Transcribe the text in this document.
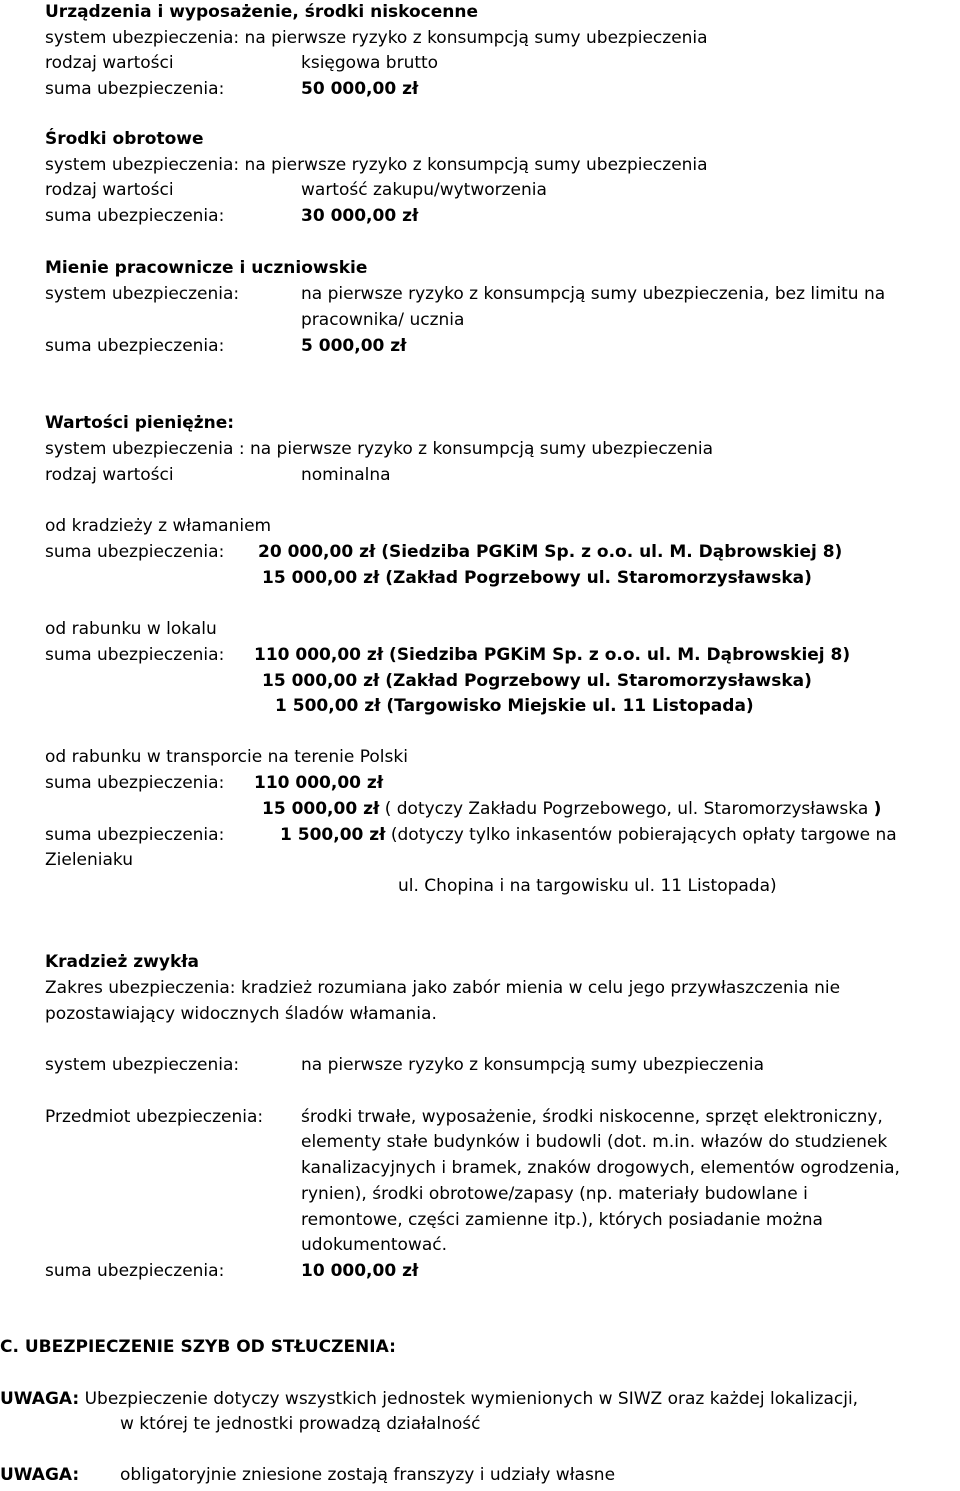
Urządzenia i wyposażenie, środki niskocenne
system ubezpieczenia: na pierwsze ryzyko z konsumpcją sumy ubezpieczenia
rodzaj wartości	księgowa brutto
suma ubezpieczenia:	50 000,00 zł
Środki obrotowe
system ubezpieczenia: na pierwsze ryzyko z konsumpcją sumy ubezpieczenia
rodzaj wartości	wartość zakupu/wytworzenia
suma ubezpieczenia:	30 000,00 zł
Mienie pracownicze i uczniowskie
system ubezpieczenia:	na pierwsze ryzyko z konsumpcją sumy ubezpieczenia, bez limitu na
pracownika/ ucznia
suma ubezpieczenia:	5 000,00 zł
Wartości pieniężne:
system ubezpieczenia : na pierwsze ryzyko z konsumpcją sumy ubezpieczenia
rodzaj wartości	nominalna
od kradzieży z włamaniem
suma ubezpieczenia: 20 000,00 zł (Siedziba PGKiM Sp. z o.o. ul. M. Dąbrowskiej 8)
15 000,00 zł (Zakład Pogrzebowy ul. Staromorzysławska)
od rabunku w lokalu
suma ubezpieczenia: 110 000,00 zł (Siedziba PGKiM Sp. z o.o. ul. M. Dąbrowskiej 8)
15 000,00 zł (Zakład Pogrzebowy ul. Staromorzysławska)
1 500,00 zł (Targowisko Miejskie ul. 11 Listopada)
od rabunku w transporcie na terenie Polski
suma ubezpieczenia: 110 000,00 zł
15 000,00 zł ( dotyczy Zakładu Pogrzebowego, ul. Staromorzysławska )
suma ubezpieczenia:	1 500,00 zł (dotyczy tylko inkasentów pobierających opłaty targowe na
Zieleniaku
ul. Chopina i na targowisku ul. 11 Listopada)
Kradzież zwykła
Zakres ubezpieczenia: kradzież rozumiana jako zabór mienia w celu jego przywłaszczenia nie
pozostawiający widocznych śladów włamania.
system ubezpieczenia:	na pierwsze ryzyko z konsumpcją sumy ubezpieczenia
Przedmiot ubezpieczenia: środki trwałe, wyposażenie, środki niskocenne, sprzęt elektroniczny,
elementy stałe budynków i budowli (dot. m.in. włazów do studzienek
kanalizacyjnych i bramek, znaków drogowych, elementów ogrodzenia,
rynien), środki obrotowe/zapasy (np. materiały budowlane i
remontowe, części zamienne itp.), których posiadanie można
udokumentować.
suma ubezpieczenia:	10 000,00 zł
C. UBEZPIECZENIE SZYB OD STŁUCZENIA:
UWAGA: Ubezpieczenie dotyczy wszystkich jednostek wymienionych w SIWZ oraz każdej lokalizacji,
w której te jednostki prowadzą działalność
UWAGA: obligatoryjnie zniesione zostają franszyzy i udziały własne
